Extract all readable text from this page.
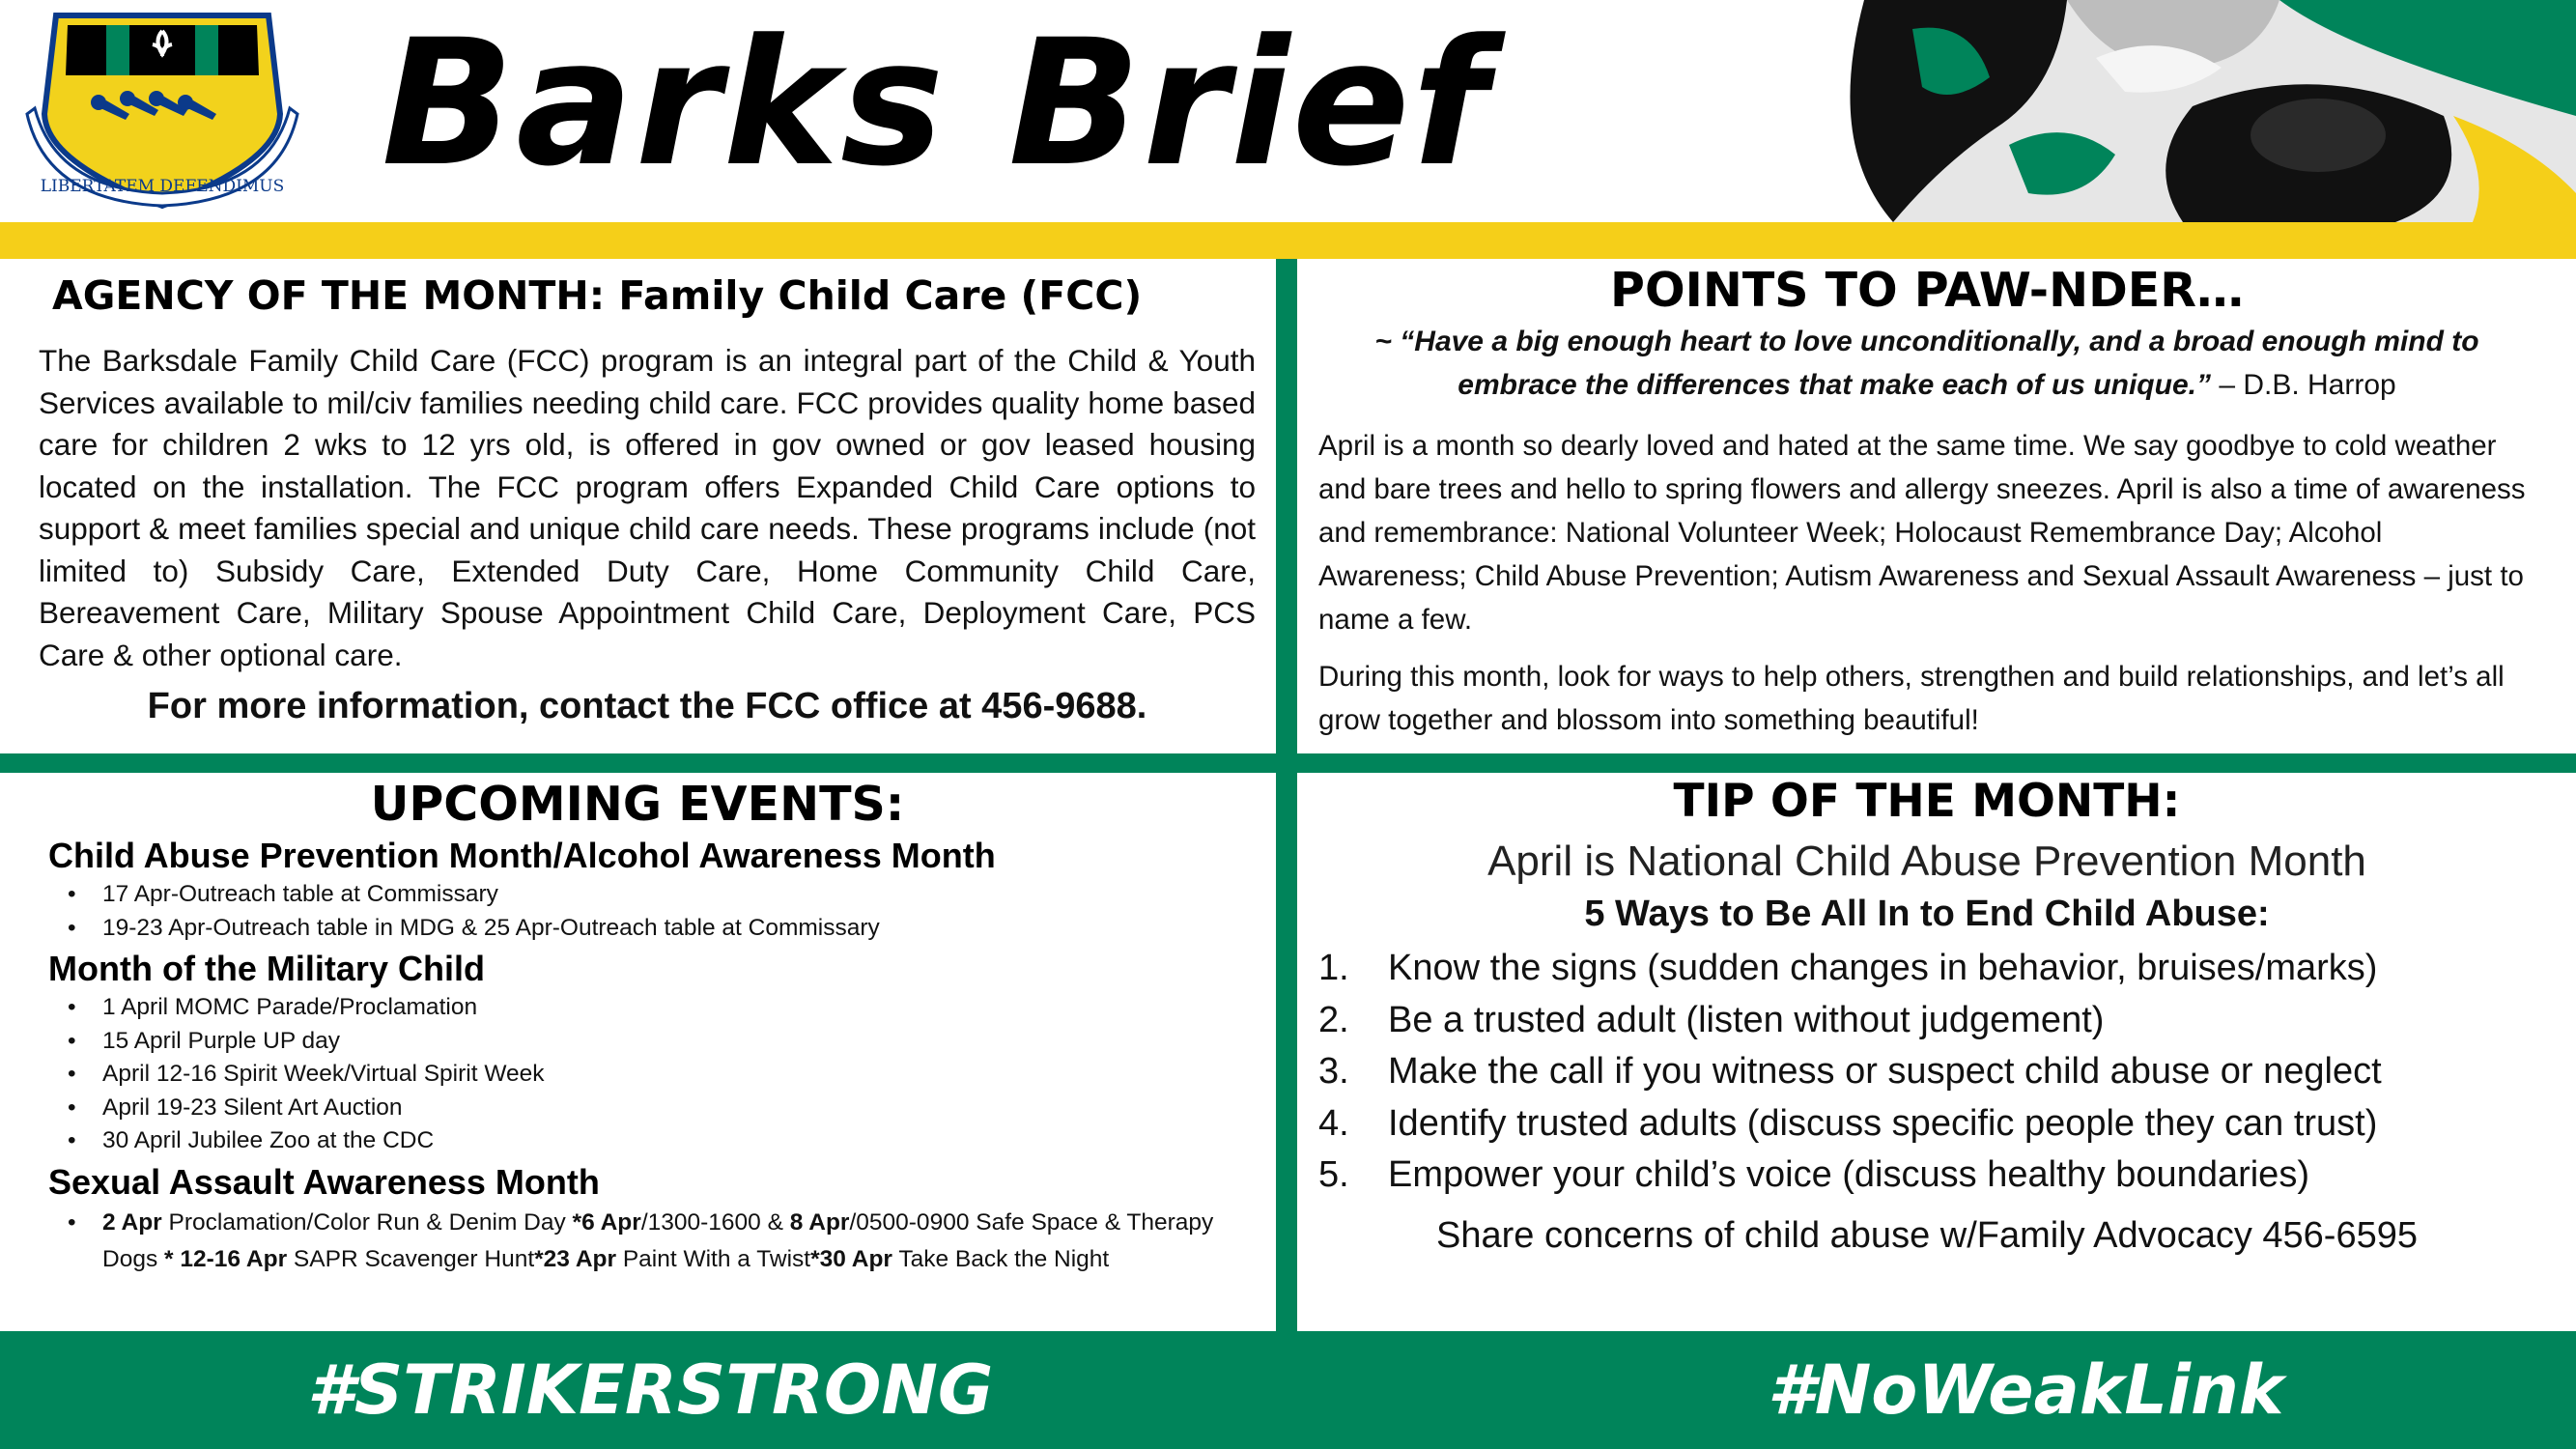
LIBERTATEM DEFENDIMUS Barks Brief
AGENCY OF THE MONTH: Family Child Care (FCC)

The Barksdale Family Child Care (FCC) program is an integral part of the Child & Youth Services available to mil/civ families needing child care. FCC provides quality home based care for children 2 wks to 12 yrs old, is offered in gov owned or gov leased housing located on the installation. The FCC program offers Expanded Child Care options to support & meet families special and unique child care needs. These programs include (not limited to) Subsidy Care, Extended Duty Care, Home Community Child Care, Bereavement Care, Military Spouse Appointment Child Care, Deployment Care, PCS Care & other optional care.

For more information, contact the FCC office at 456-9688.

POINTS TO PAW-NDER…

~ “Have a big enough heart to love unconditionally, and a broad enough mind to embrace the differences that make each of us unique.” – D.B. Harrop

April is a month so dearly loved and hated at the same time. We say goodbye to cold weather and bare trees and hello to spring flowers and allergy sneezes. April is also a time of awareness and remembrance: National Volunteer Week; Holocaust Remembrance Day; Alcohol Awareness; Child Abuse Prevention; Autism Awareness and Sexual Assault Awareness – just to name a few.

During this month, look for ways to help others, strengthen and build relationships, and let’s all grow together and blossom into something beautiful!

UPCOMING EVENTS:
Child Abuse Prevention Month/Alcohol Awareness Month
• 17 Apr-Outreach table at Commissary
• 19-23 Apr-Outreach table in MDG & 25 Apr-Outreach table at Commissary
Month of the Military Child
• 1 April MOMC Parade/Proclamation
• 15 April Purple UP day
• April 12-16 Spirit Week/Virtual Spirit Week
• April 19-23 Silent Art Auction
• 30 April Jubilee Zoo at the CDC
Sexual Assault Awareness Month
• 2 Apr Proclamation/Color Run & Denim Day *6 Apr/1300-1600 & 8 Apr/0500-0900 Safe Space & Therapy Dogs * 12-16 Apr SAPR Scavenger Hunt*23 Apr Paint With a Twist*30 Apr Take Back the Night
TIP OF THE MONTH:
April is National Child Abuse Prevention Month
5 Ways to Be All In to End Child Abuse:
1. Know the signs (sudden changes in behavior, bruises/marks)
2. Be a trusted adult (listen without judgement)
3. Make the call if you witness or suspect child abuse or neglect
4. Identify trusted adults (discuss specific people they can trust)
5. Empower your child’s voice (discuss healthy boundaries)
Share concerns of child abuse w/Family Advocacy 456-6595
#STRIKERSTRONG	#NoWeakLink
